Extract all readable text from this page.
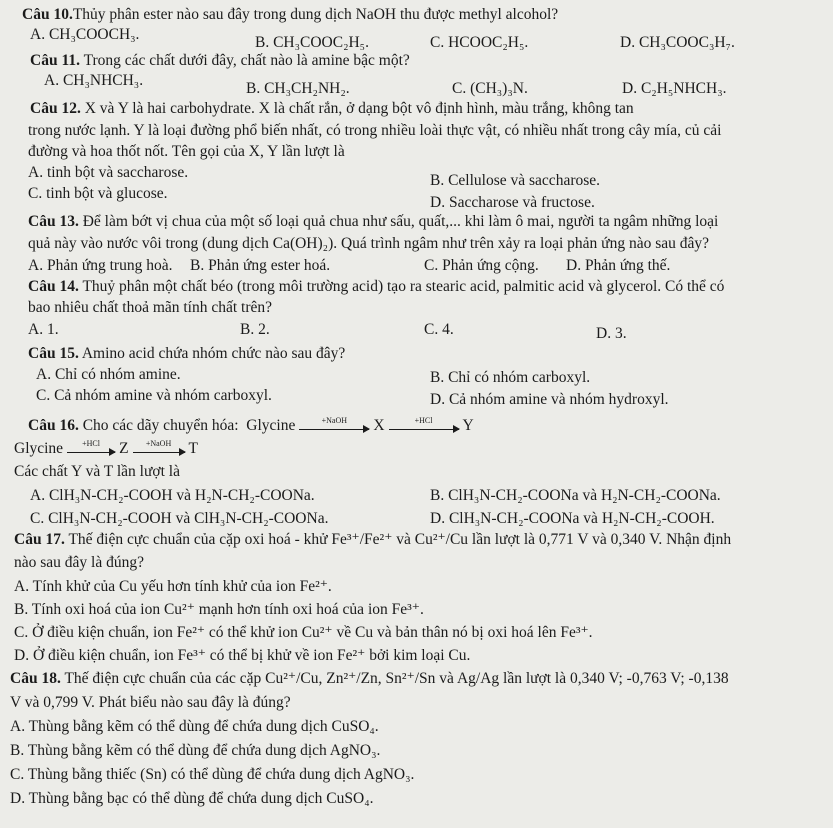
Câu 10.Thủy phân ester nào sau đây trong dung dịch NaOH thu được methyl alcohol?
A. CH₃COOCH₃.	B. CH₃COOC₂H₅.	C. HCOOC₂H₅.	D. CH₃COOC₃H₇.
Câu 11. Trong các chất dưới đây, chất nào là amine bậc một?
A. CH₃NHCH₃.	B. CH₃CH₂NH₂.	C. (CH₃)₃N.	D. C₂H₅NHCH₃.
Câu 12. X và Y là hai carbohydrate. X là chất rắn, ở dạng bột vô định hình, màu trắng, không tan
trong nước lạnh. Y là loại đường phổ biến nhất, có trong nhiều loài thực vật, có nhiều nhất trong cây mía, củ cải
đường và hoa thốt nốt. Tên gọi của X, Y lần lượt là
A. tinh bột và saccharose.	B. Cellulose và saccharose.
C. tinh bột và glucose.
D. Saccharose và fructose.
Câu 13. Để làm bớt vị chua của một số loại quả chua như sấu, quất,... khi làm ô mai, người ta ngâm những loại
quả này vào nước vôi trong (dung dịch Ca(OH)₂). Quá trình ngâm như trên xảy ra loại phản ứng nào sau đây?
A. Phản ứng trung hoà. B. Phản ứng ester hoá.	C. Phản ứng cộng. D. Phản ứng thế.
Câu 14. Thuỷ phân một chất béo (trong môi trường acid) tạo ra stearic acid, palmitic acid và glycerol. Có thể có
bao nhiêu chất thoả mãn tính chất trên?
A. 1.	B. 2.	C. 4.	D. 3.
Câu 15. Amino acid chứa nhóm chức nào sau đây?
A. Chỉ có nhóm amine.	B. Chỉ có nhóm carboxyl.
C. Cả nhóm amine và nhóm carboxyl.	D. Cả nhóm amine và nhóm hydroxyl.
Câu 16. Cho các dãy chuyển hóa: Glycine	+NaOH	X	+HCl	Y
Glycine	+HCl	Z	+NaOH	T
Các chất Y và T lần lượt là
A. ClH₃N-CH₂-COOH và H₂N-CH₂-COONa.	B. ClH₃N-CH₂-COONa và H₂N-CH₂-COONa.
C. ClH₃N-CH₂-COOH và ClH₃N-CH₂-COONa.	D. ClH₃N-CH₂-COONa và H₂N-CH₂-COOH.
Câu 17. Thế điện cực chuẩn của cặp oxi hoá - khử Fe³⁺/Fe²⁺ và Cu²⁺/Cu lần lượt là 0,771 V và 0,340 V. Nhận định
nào sau đây là đúng?
A. Tính khử của Cu yếu hơn tính khử của ion Fe²⁺.
B. Tính oxi hoá của ion Cu²⁺ mạnh hơn tính oxi hoá của ion Fe³⁺.
C. Ở điều kiện chuẩn, ion Fe²⁺ có thể khử ion Cu²⁺ về Cu và bản thân nó bị oxi hoá lên Fe³⁺.
D. Ở điều kiện chuẩn, ion Fe³⁺ có thể bị khử về ion Fe²⁺ bởi kim loại Cu.
Câu 18. Thế điện cực chuẩn của các cặp Cu²⁺/Cu, Zn²⁺/Zn, Sn²⁺/Sn và Ag/Ag lần lượt là 0,340 V; -0,763 V; -0,138
V và 0,799 V. Phát biểu nào sau đây là đúng?
A. Thùng bằng kẽm có thể dùng để chứa dung dịch CuSO₄.
B. Thùng bằng kẽm có thể dùng để chứa dung dịch AgNO₃.
C. Thùng bằng thiếc (Sn) có thể dùng để chứa dung dịch AgNO₃.
D. Thùng bằng bạc có thể dùng để chứa dung dịch CuSO₄.
